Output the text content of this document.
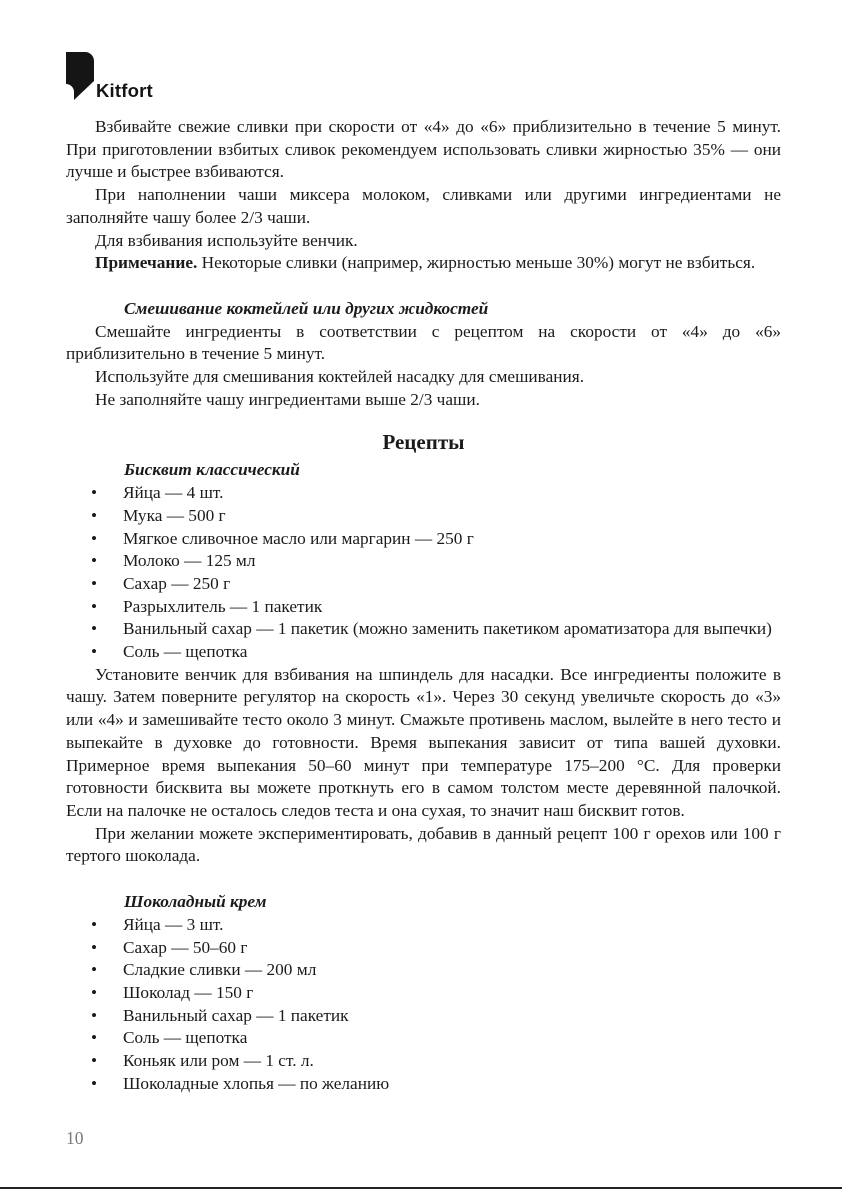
Kitfort

Взбивайте свежие сливки при скорости от «4» до «6» приблизительно в течение 5 минут. При приготовлении взбитых сливок рекомендуем использовать сливки жирностью 35% — они лучше и быстрее взбиваются.

При наполнении чаши миксера молоком, сливками или другими ингредиентами не заполняйте чашу более 2/3 чаши.

Для взбивания используйте венчик.

Примечание. Некоторые сливки (например, жирностью меньше 30%) могут не взбиться.

Смешивание коктейлей или других жидкостей

Смешайте ингредиенты в соответствии с рецептом на скорости от «4» до «6» приблизительно в течение 5 минут.

Используйте для смешивания коктейлей насадку для смешивания.

Не заполняйте чашу ингредиентами выше 2/3 чаши.

Рецепты

Бисквит классический

• Яйца — 4 шт.
• Мука — 500 г
• Мягкое сливочное масло или маргарин — 250 г
• Молоко — 125 мл
• Сахар — 250 г
• Разрыхлитель — 1 пакетик
• Ванильный сахар — 1 пакетик (можно заменить пакетиком ароматизатора для выпечки)
• Соль — щепотка

Установите венчик для взбивания на шпиндель для насадки. Все ингредиенты положите в чашу. Затем поверните регулятор на скорость «1». Через 30 секунд увеличьте скорость до «3» или «4» и замешивайте тесто около 3 минут. Смажьте противень маслом, вылейте в него тесто и выпекайте в духовке до готовности. Время выпекания зависит от типа вашей духовки. Примерное время выпекания 50–60 минут при температуре 175–200 °C. Для проверки готовности бисквита вы можете проткнуть его в самом толстом месте деревянной палочкой. Если на палочке не осталось следов теста и она сухая, то значит наш бисквит готов.

При желании можете экспериментировать, добавив в данный рецепт 100 г орехов или 100 г тертого шоколада.

Шоколадный крем

• Яйца — 3 шт.
• Сахар — 50–60 г
• Сладкие сливки — 200 мл
• Шоколад — 150 г
• Ванильный сахар — 1 пакетик
• Соль — щепотка
• Коньяк или ром — 1 ст. л.
• Шоколадные хлопья — по желанию
10
